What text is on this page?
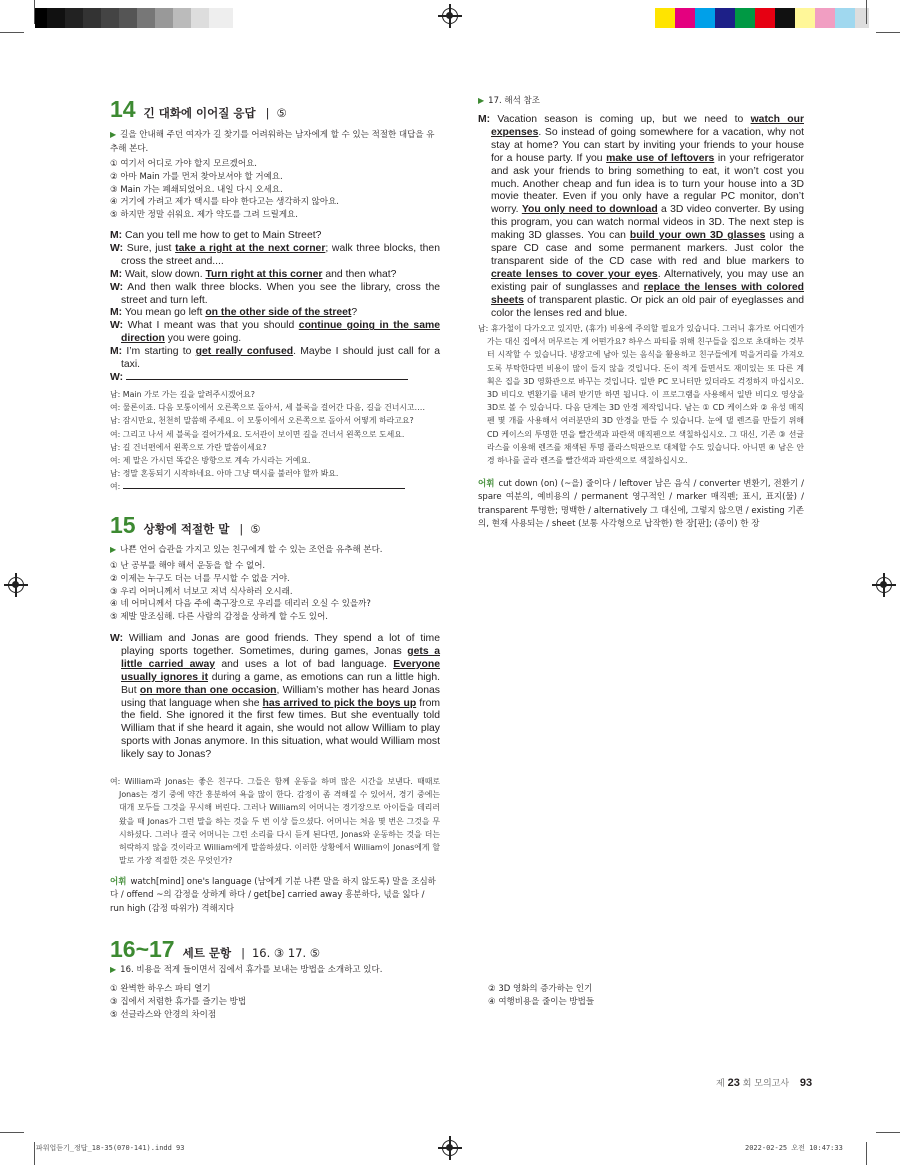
14 긴 대화에 이어질 응답 | ⑤
▶ 길을 안내해 주던 여자가 길 찾기를 어려워하는 남자에게 할 수 있는 적절한 대답을 유추해 본다.
① 여기서 어디로 가야 할지 모르겠어요.
② 아마 Main 가를 먼저 찾아보셔야 할 거예요.
③ Main 가는 폐쇄되었어요. 내일 다시 오세요.
④ 거기에 가려고 제가 택시를 타야 한다고는 생각하지 않아요.
⑤ 하지만 정말 쉬워요. 제가 약도를 그려 드릴게요.
M: Can you tell me how to get to Main Street?
W: Sure, just take a right at the next corner; walk three blocks, then cross the street and....
M: Wait, slow down. Turn right at this corner and then what?
W: And then walk three blocks. When you see the library, cross the street and turn left.
M: You mean go left on the other side of the street?
W: What I meant was that you should continue going in the same direction you were going.
M: I’m starting to get really confused. Maybe I should just call for a taxi.
W:
남: Main 가로 가는 길을 알려주시겠어요?
여: 물론이죠. 다음 모퉁이에서 오른쪽으로 돌아서, 세 블록을 걸어간 다음, 길을 건너시고….
남: 잠시만요, 천천히 말씀해 주세요. 이 모퉁이에서 오른쪽으로 돌아서 어떻게 하라고요?
여: 그리고 나서 세 블록을 걸어가세요. 도서관이 보이면 길을 건너서 왼쪽으로 도세요.
남: 길 건너편에서 왼쪽으로 가란 말씀이세요?
여: 제 말은 가시던 똑같은 방향으로 계속 가시라는 거예요.
남: 정말 혼동되기 시작하네요. 아마 그냥 택시를 불러야 할까 봐요.
여:
15 상황에 적절한 말 | ⑤
▶ 나쁜 언어 습관을 가지고 있는 친구에게 할 수 있는 조언을 유추해 본다.
① 난 공부를 해야 해서 운동을 할 수 없어.
② 이제는 누구도 더는 너를 무시할 수 없을 거야.
③ 우리 어머니께서 너보고 저녁 식사하러 오시래.
④ 네 어머니께서 다음 주에 축구장으로 우리를 데리러 오실 수 있을까?
⑤ 제발 말조심해. 다른 사람의 감정을 상하게 할 수도 있어.
W: William and Jonas are good friends. They spend a lot of time playing sports together. Sometimes, during games, Jonas gets a little carried away and uses a lot of bad language. Everyone usually ignores it during a game, as emotions can run a little high. But on more than one occasion, William’s mother has heard Jonas using that language when she has arrived to pick the boys up from the field. She ignored it the first few times. But she eventually told William that if she heard it again, she would not allow William to play sports with Jonas anymore. In this situation, what would William most likely say to Jonas?
여: William과 Jonas는 좋은 친구다. 그들은 함께 운동을 하며 많은 시간을 보낸다. 때때로 Jonas는 경기 중에 약간 흥분하여 욕을 많이 한다. 감정이 좀 격해질 수 있어서, 경기 중에는 대개 모두들 그것을 무시해 버린다. 그러나 William의 어머니는 경기장으로 아이들을 데리러 왔을 때 Jonas가 그런 말을 하는 것을 두 번 이상 들으셨다. 어머니는 처음 몇 번은 그것을 무시하셨다. 그러나 결국 어머니는 그런 소리를 다시 듣게 된다면, Jonas와 운동하는 것을 더는 허락하지 않을 것이라고 William에게 말씀하셨다. 이러한 상황에서 William이 Jonas에게 할 말로 가장 적절한 것은 무엇인가?
어휘 watch[mind] one's language (남에게 기분 나쁜 말을 하지 않도록) 말을 조심하다 / offend ~의 감정을 상하게 하다 / get[be] carried away 흥분하다, 넋을 잃다 / run high (감정 따위가) 격해지다
16~17 세트 문항 | 16. ③ 17. ⑤
▶ 16. 비용을 적게 들이면서 집에서 휴가를 보내는 방법을 소개하고 있다.
① 완벽한 하우스 파티 열기	② 3D 영화의 증가하는 인기
③ 집에서 저렴한 휴가를 즐기는 방법	④ 여행비용을 줄이는 방법들
⑤ 선글라스와 안경의 차이점
▶ 17. 해석 참조
M: Vacation season is coming up, but we need to watch our expenses. So instead of going somewhere for a vacation, why not stay at home? You can start by inviting your friends to your house for a house party. If you make use of leftovers in your refrigerator and ask your friends to bring something to eat, it won’t cost you much. Another cheap and fun idea is to turn your house into a 3D movie theater. Even if you only have a regular PC monitor, don’t worry. You only need to download a 3D video converter. By using this program, you can watch normal videos in 3D. The next step is making 3D glasses. You can build your own 3D glasses using a spare CD case and some permanent markers. Just color the transparent side of the CD case with red and blue markers to create lenses to cover your eyes. Alternatively, you may use an existing pair of sunglasses and replace the lenses with colored sheets of transparent plastic. Or pick an old pair of eyeglasses and color the lenses red and blue.
남: 휴가철이 다가오고 있지만, (휴가) 비용에 주의할 필요가 있습니다. 그러니 휴가로 어디엔가 가는 대신 집에서 머무르는 게 어떤가요? 하우스 파티를 위해 친구들을 집으로 초대하는 것부터 시작할 수 있습니다. 냉장고에 남아 있는 음식을 활용하고 친구들에게 먹을거리를 가져오도록 부탁한다면 비용이 많이 들지 않을 것입니다. 돈이 적게 들면서도 재미있는 또 다른 계획은 집을 3D 영화관으로 바꾸는 것입니다. 일반 PC 모니터만 있더라도 걱정하지 마십시오. 3D 비디오 변환기를 내려 받기만 하면 됩니다. 이 프로그램을 사용해서 일반 비디오 영상을 3D로 볼 수 있습니다. 다음 단계는 3D 안경 제작입니다. 남는 ① CD 케이스와 ② 유성 매직펜 몇 개를 사용해서 여러분만의 3D 안경을 만들 수 있습니다. 눈에 댈 렌즈를 만들기 위해 CD 케이스의 투명한 면을 빨간색과 파란색 매직펜으로 색칠하십시오. 그 대신, 기존 ③ 선글라스를 이용해 렌즈를 채색된 투명 플라스틱판으로 대체할 수도 있습니다. 아니면 ④ 남은 안경 하나를 골라 렌즈를 빨간색과 파란색으로 색칠하십시오.
어휘 cut down (on) (~을) 줄이다 / leftover 남은 음식 / converter 변환기, 전환기 / spare 여분의, 예비용의 / permanent 영구적인 / marker 매직펜; 표시, 표지(물) / transparent 투명한; 명백한 / alternatively 그 대신에, 그렇지 않으면 / existing 기존의, 현재 사용되는 / sheet (보통 사각형으로 납작한) 한 장[판]; (종이) 한 장
제 23 회 모의고사 93
파워업듣기_정답_18-35(070-141).indd 93	2022-02-25 오전 10:47:33
